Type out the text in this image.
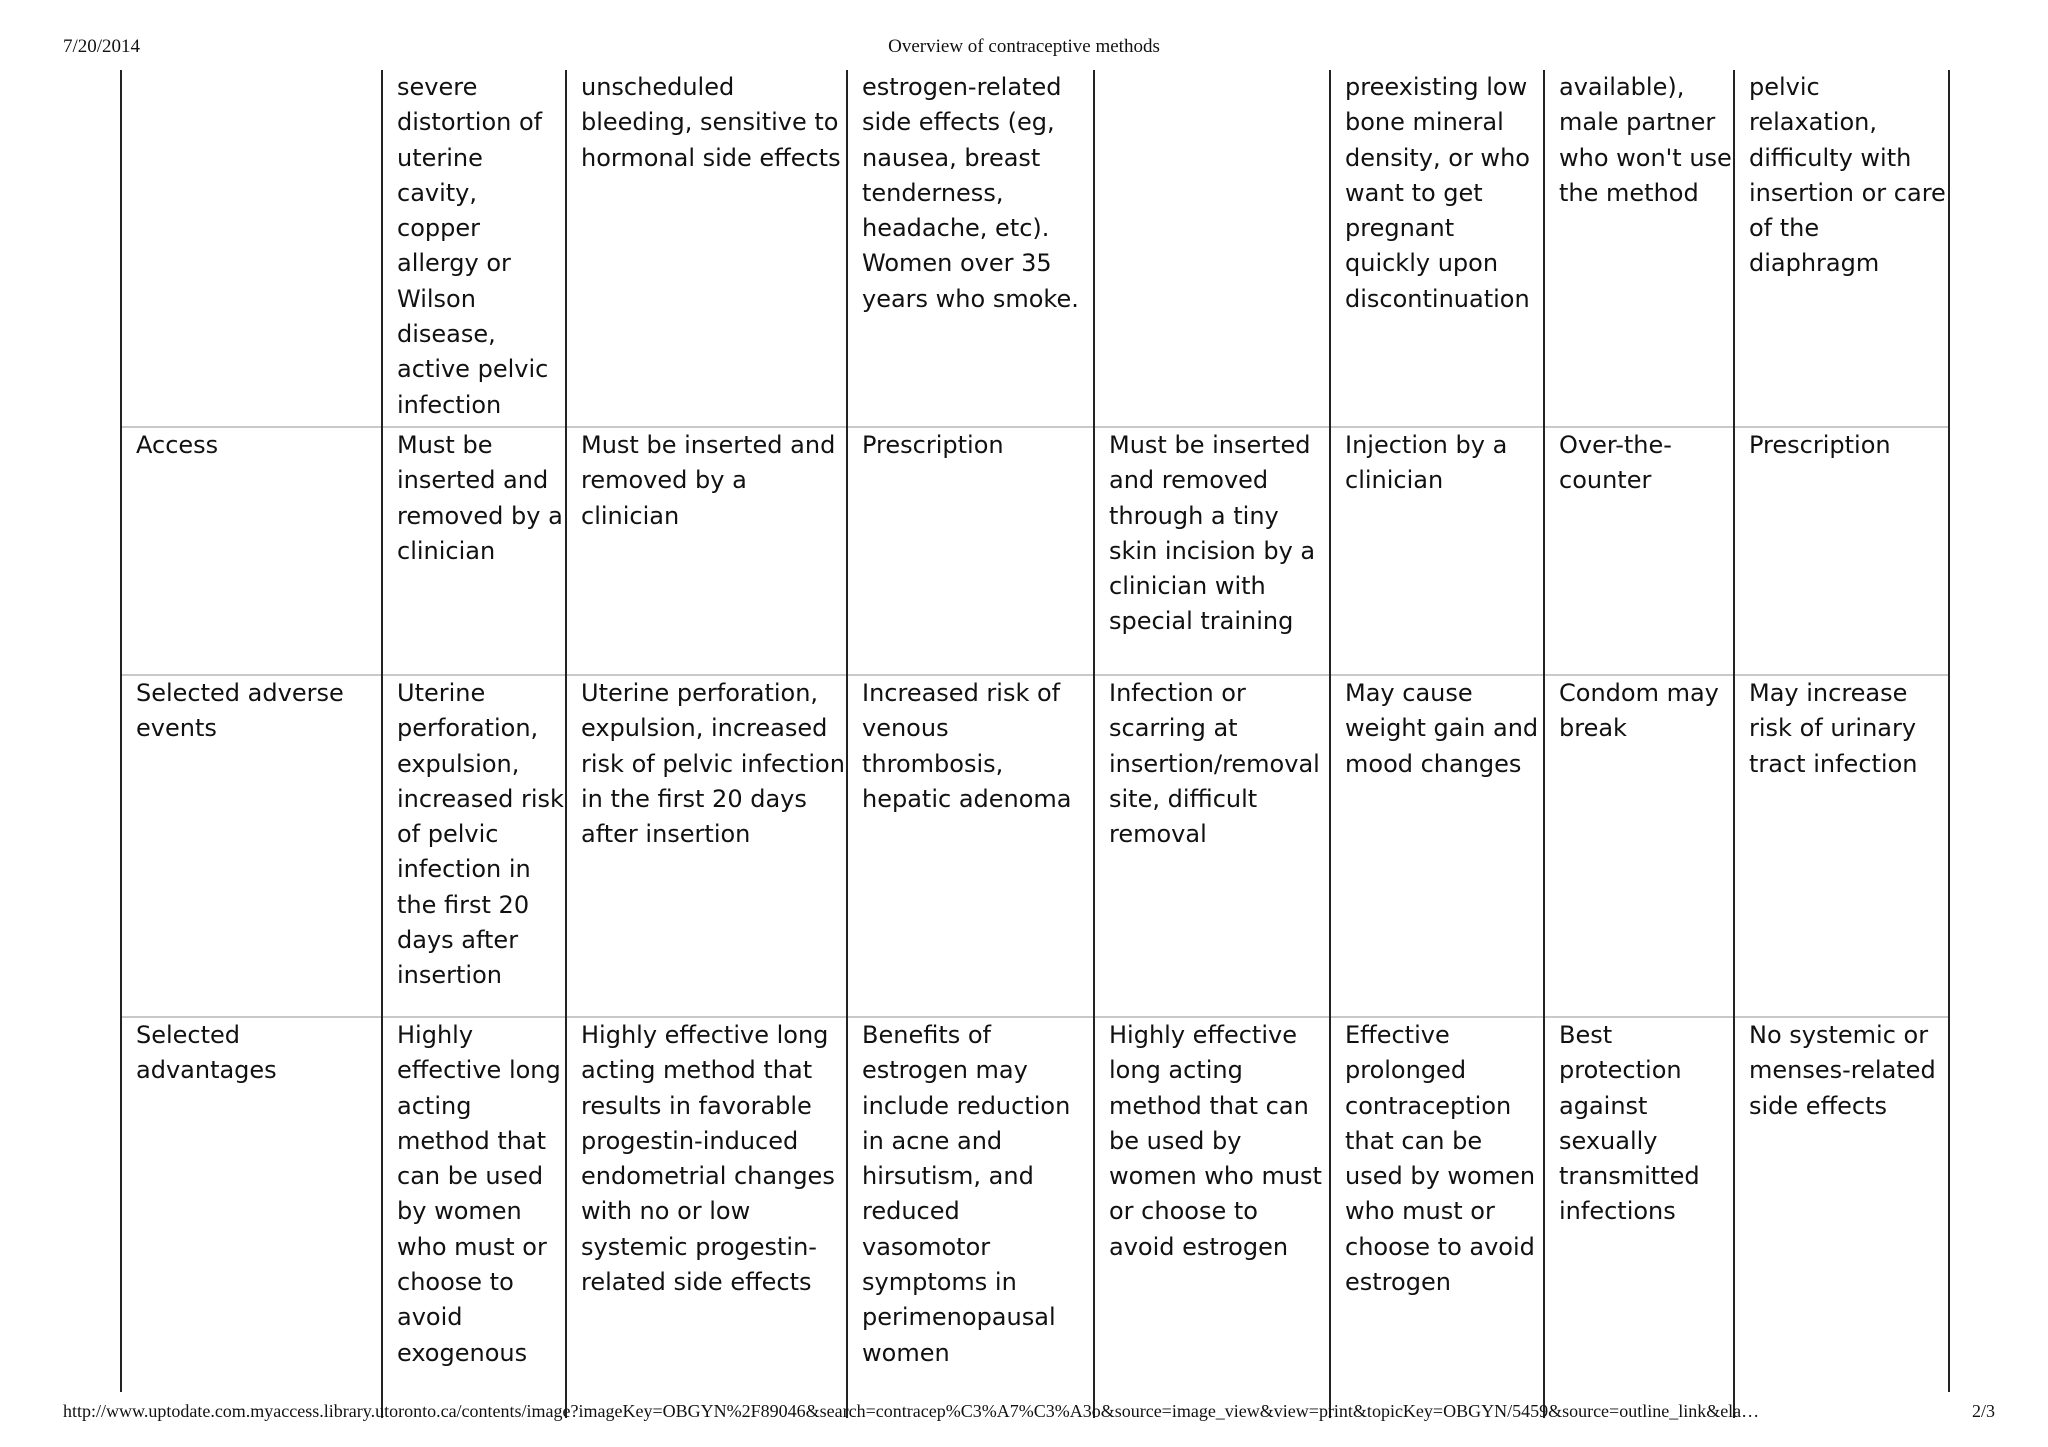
7/20/2014	Overview of contraceptive methods
	severe distortion of uterine cavity, copper allergy or Wilson disease, active pelvic infection	unscheduled bleeding, sensitive to hormonal side effects	estrogen-related side effects (eg, nausea, breast tenderness, headache, etc). Women over 35 years who smoke.		preexisting low bone mineral density, or who want to get pregnant quickly upon discontinuation	available), male partner who won't use the method	pelvic relaxation, difficulty with insertion or care of the diaphragm
Access	Must be inserted and removed by a clinician	Must be inserted and removed by a clinician	Prescription	Must be inserted and removed through a tiny skin incision by a clinician with special training	Injection by a clinician	Over-the-counter	Prescription
Selected adverse events	Uterine perforation, expulsion, increased risk of pelvic infection in the first 20 days after insertion	Uterine perforation, expulsion, increased risk of pelvic infection in the first 20 days after insertion	Increased risk of venous thrombosis, hepatic adenoma	Infection or scarring at insertion/removal site, difficult removal	May cause weight gain and mood changes	Condom may break	May increase risk of urinary tract infection
Selected advantages	Highly effective long acting method that can be used by women who must or choose to avoid exogenous	Highly effective long acting method that results in favorable progestin-induced endometrial changes with no or low systemic progestin-related side effects	Benefits of estrogen may include reduction in acne and hirsutism, and reduced vasomotor symptoms in perimenopausal women	Highly effective long acting method that can be used by women who must or choose to avoid estrogen	Effective prolonged contraception that can be used by women who must or choose to avoid estrogen	Best protection against sexually transmitted infections	No systemic or menses-related side effects
http://www.uptodate.com.myaccess.library.utoronto.ca/contents/image?imageKey=OBGYN%2F89046&search=contracep%C3%A7%C3%A3o&source=image_view&view=print&topicKey=OBGYN/5459&source=outline_link&ela…	2/3
